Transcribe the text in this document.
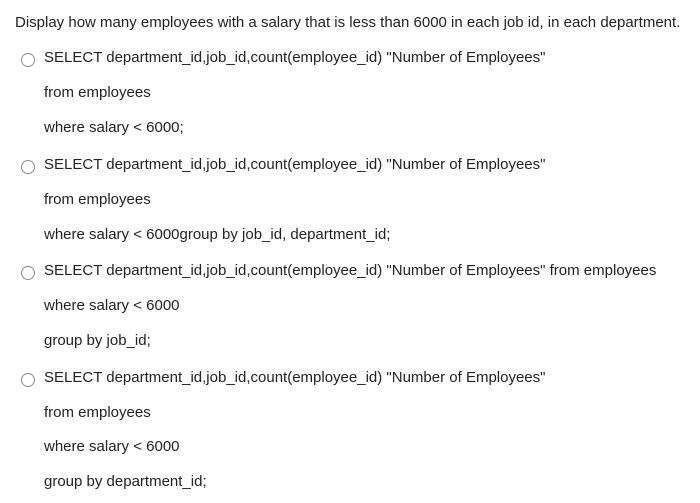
Display how many employees with a salary that is less than 6000 in each job id, in each department.
SELECT department_id,job_id,count(employee_id) "Number of Employees"
from employees
where salary < 6000;
SELECT department_id,job_id,count(employee_id) "Number of Employees"
from employees
where salary < 6000group by job_id, department_id;
SELECT department_id,job_id,count(employee_id) "Number of Employees" from employees
where salary < 6000
group by job_id;
SELECT department_id,job_id,count(employee_id) "Number of Employees"
from employees
where salary < 6000
group by department_id;
